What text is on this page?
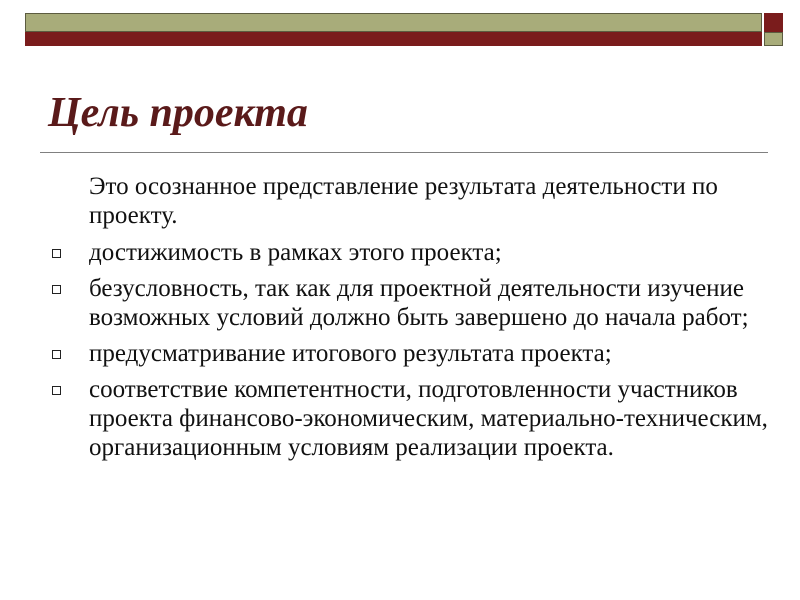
Цель проекта
Это осознанное представление результата деятельности по проекту.
достижимость в рамках этого проекта;
безусловность, так как для проектной деятельности изучение возможных условий должно быть завершено до начала работ;
предусматривание итогового результата проекта;
соответствие компетентности, подготовленности участников проекта финансово-экономическим, материально-техническим, организационным условиям реализации проекта.
